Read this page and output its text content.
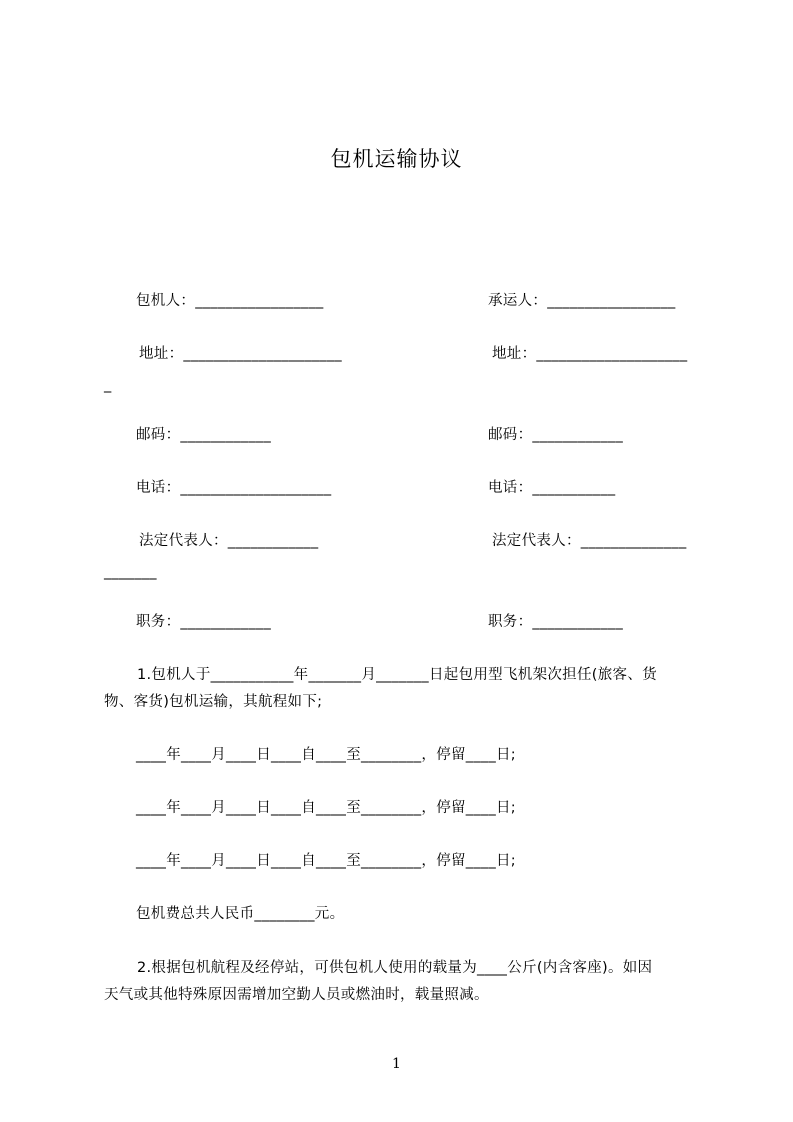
包机运输协议
包机人：_________________	承运人：_________________
地址：_____________________	地址：____________________
_
邮码：____________	邮码：____________
电话：____________________	电话：___________
法定代表人：____________	法定代表人：______________
_______
职务：____________	职务：____________
1.包机人于___________年_______月_______日起包用型飞机架次担任(旅客、货
物、客货)包机运输，其航程如下;
____年____月____日____自____至________，停留____日;
____年____月____日____自____至________，停留____日;
____年____月____日____自____至________，停留____日;
包机费总共人民币________元。
2.根据包机航程及经停站，可供包机人使用的载量为____公斤(内含客座)。如因
天气或其他特殊原因需增加空勤人员或燃油时，载量照减。
1
